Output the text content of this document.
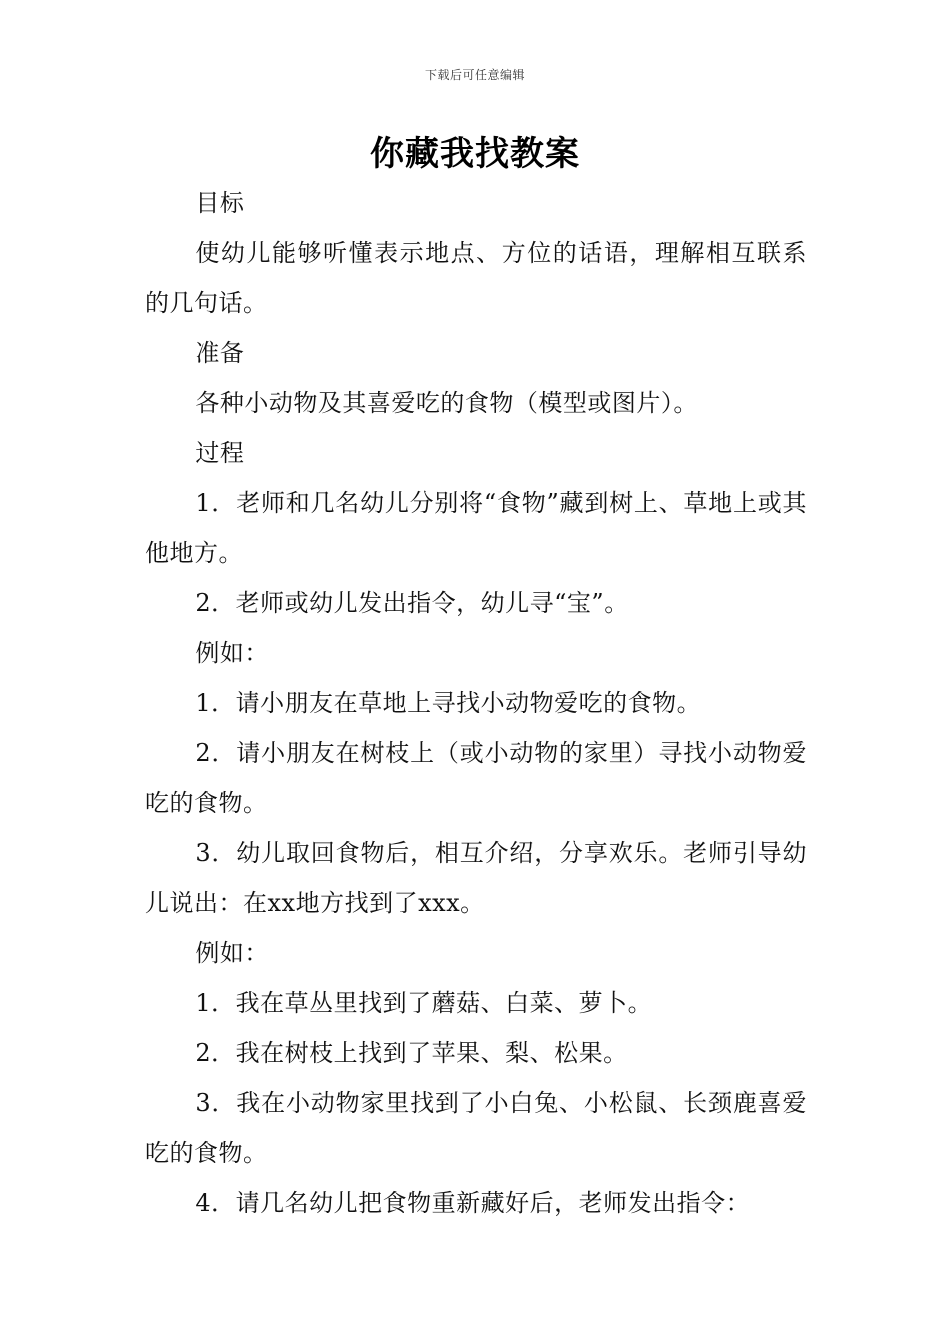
下载后可任意编辑
你藏我找教案

目标

使幼儿能够听懂表示地点、方位的话语，理解相互联系的几句话。

准备

各种小动物及其喜爱吃的食物（模型或图片）。

过程

1．老师和几名幼儿分别将“食物”藏到树上、草地上或其他地方。

2．老师或幼儿发出指令，幼儿寻“宝”。

例如：

1．请小朋友在草地上寻找小动物爱吃的食物。

2．请小朋友在树枝上（或小动物的家里）寻找小动物爱吃的食物。

3．幼儿取回食物后，相互介绍，分享欢乐。老师引导幼儿说出：在xx地方找到了xxx。

例如：

1．我在草丛里找到了蘑菇、白菜、萝卜。

2．我在树枝上找到了苹果、梨、松果。

3．我在小动物家里找到了小白兔、小松鼠、长颈鹿喜爱吃的食物。

4．请几名幼儿把食物重新藏好后，老师发出指令：
